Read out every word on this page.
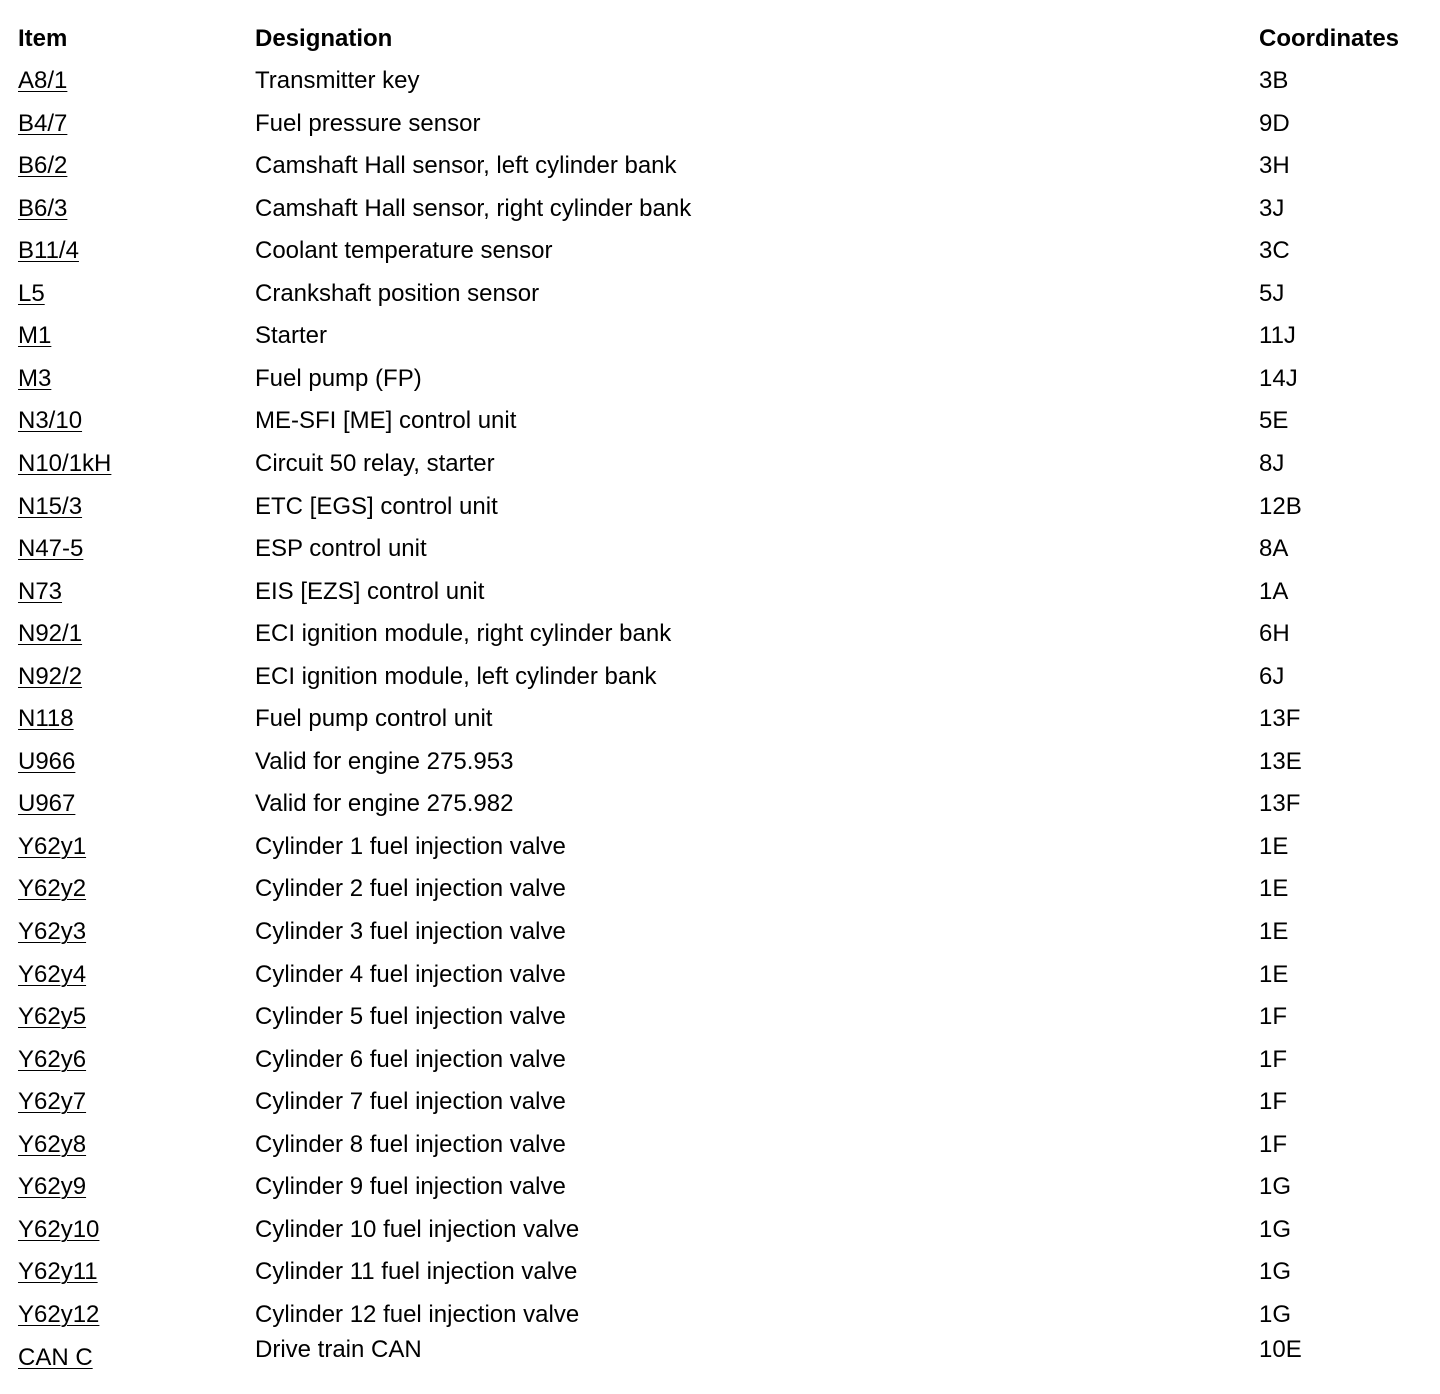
Item	Designation	Coordinates
A8/1	Transmitter key	3B
B4/7	Fuel pressure sensor	9D
B6/2	Camshaft Hall sensor, left cylinder bank	3H
B6/3	Camshaft Hall sensor, right cylinder bank	3J
B11/4	Coolant temperature sensor	3C
L5	Crankshaft position sensor	5J
M1	Starter	11J
M3	Fuel pump (FP)	14J
N3/10	ME-SFI [ME] control unit	5E
N10/1kH	Circuit 50 relay, starter	8J
N15/3	ETC [EGS] control unit	12B
N47-5	ESP control unit	8A
N73	EIS [EZS] control unit	1A
N92/1	ECI ignition module, right cylinder bank	6H
N92/2	ECI ignition module, left cylinder bank	6J
N118	Fuel pump control unit	13F
U966	Valid for engine 275.953	13E
U967	Valid for engine 275.982	13F
Y62y1	Cylinder 1 fuel injection valve	1E
Y62y2	Cylinder 2 fuel injection valve	1E
Y62y3	Cylinder 3 fuel injection valve	1E
Y62y4	Cylinder 4 fuel injection valve	1E
Y62y5	Cylinder 5 fuel injection valve	1F
Y62y6	Cylinder 6 fuel injection valve	1F
Y62y7	Cylinder 7 fuel injection valve	1F
Y62y8	Cylinder 8 fuel injection valve	1F
Y62y9	Cylinder 9 fuel injection valve	1G
Y62y10	Cylinder 10 fuel injection valve	1G
Y62y11	Cylinder 11 fuel injection valve	1G
Y62y12	Cylinder 12 fuel injection valve	1G
CAN C	Drive train CAN	10E
